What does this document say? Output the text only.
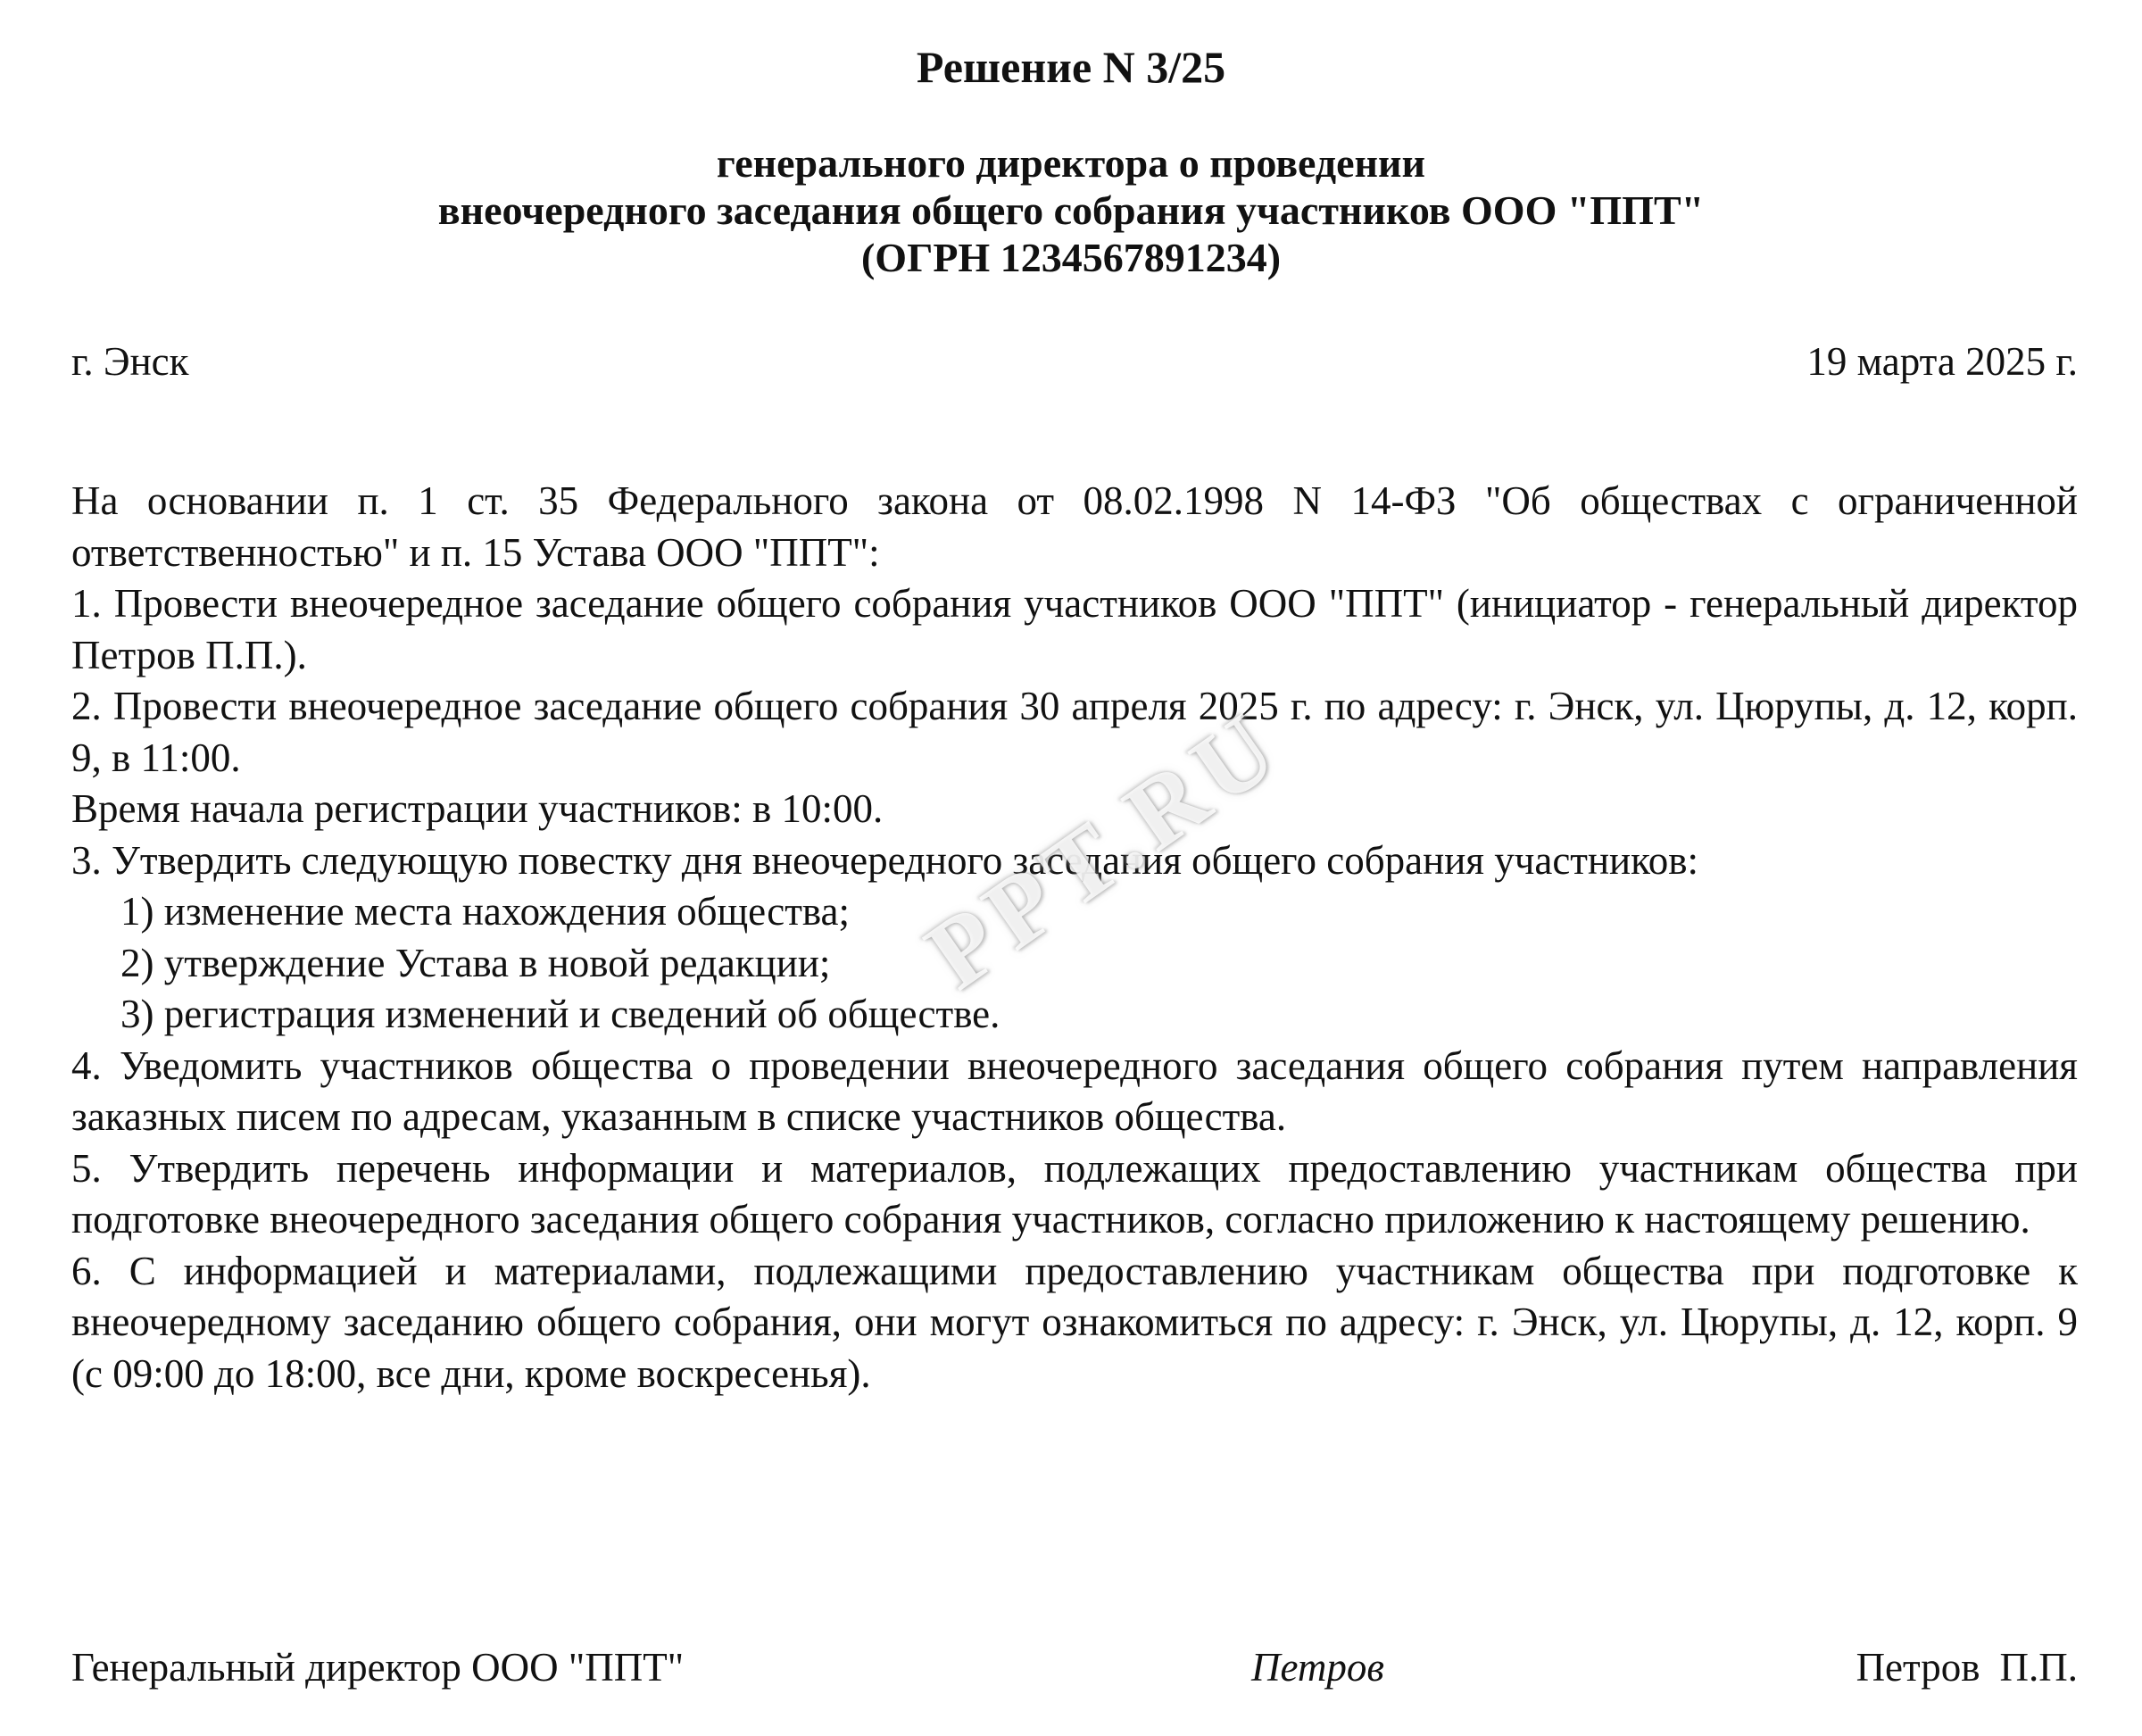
Решение N 3/25
генерального директора о проведении
внеочередного заседания общего собрания участников ООО "ППТ"
(ОГРН 1234567891234)
г. Энск	19 марта 2025 г.

На основании п. 1 ст. 35 Федерального закона от 08.02.1998 N 14-ФЗ "Об обществах с ограниченной ответственностью" и п. 15 Устава ООО "ППТ":

1. Провести внеочередное заседание общего собрания участников ООО "ППТ" (инициатор - генеральный директор Петров П.П.).

2. Провести внеочередное заседание общего собрания 30 апреля 2025 г. по адресу: г. Энск, ул. Цюрупы, д. 12, корп. 9, в 11:00.

Время начала регистрации участников: в 10:00.

3. Утвердить следующую повестку дня внеочередного заседания общего собрания участников:

1) изменение места нахождения общества;

2) утверждение Устава в новой редакции;

3) регистрация изменений и сведений об обществе.

4. Уведомить участников общества о проведении внеочередного заседания общего собрания путем направления заказных писем по адресам, указанным в списке участников общества.

5. Утвердить перечень информации и материалов, подлежащих предоставлению участникам общества при подготовке внеочередного заседания общего собрания участников, согласно приложению к настоящему решению.

6. С информацией и материалами, подлежащими предоставлению участникам общества при подготовке к внеочередному заседанию общего собрания, они могут ознакомиться по адресу: г. Энск, ул. Цюрупы, д. 12, корп. 9 (с 09:00 до 18:00, все дни, кроме воскресенья).

Генеральный директор ООО "ППТ"	Петров	Петров П.П.
PPT.RU
